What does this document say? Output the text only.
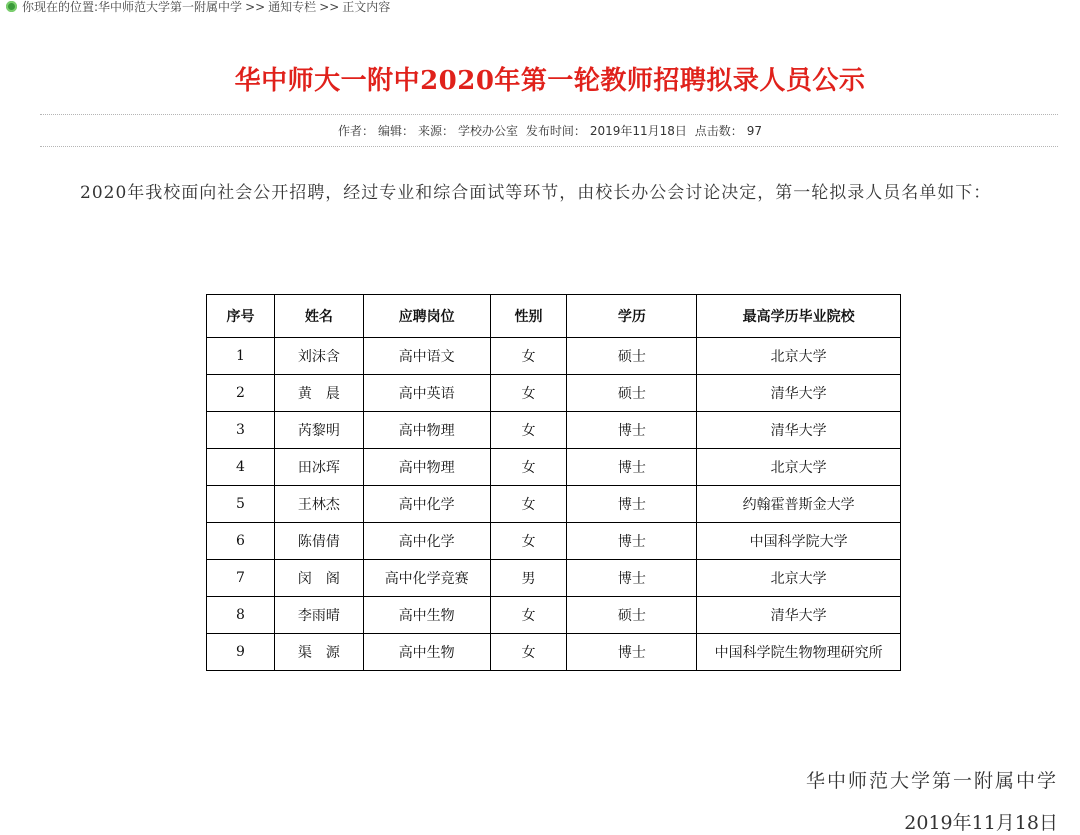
你现在的位置:华中师范大学第一附属中学 >> 通知专栏 >> 正文内容
华中师大一附中2020年第一轮教师招聘拟录人员公示
作者： 编辑： 来源： 学校办公室 发布时间： 2019年11月18日 点击数： 97
2020年我校面向社会公开招聘，经过专业和综合面试等环节，由校长办公会讨论决定，第一轮拟录人员名单如下：
序号	姓名	应聘岗位	性别	学历	最高学历毕业院校
1	刘沫含	高中语文	女	硕士	北京大学
2	黄　晨	高中英语	女	硕士	清华大学
3	芮黎明	高中物理	女	博士	清华大学
4	田冰珲	高中物理	女	博士	北京大学
5	王林杰	高中化学	女	博士	约翰霍普斯金大学
6	陈倩倩	高中化学	女	博士	中国科学院大学
7	闵　阁	高中化学竞赛	男	博士	北京大学
8	李雨晴	高中生物	女	硕士	清华大学
9	渠　源	高中生物	女	博士	中国科学院生物物理研究所
华中师范大学第一附属中学
2019年11月18日
